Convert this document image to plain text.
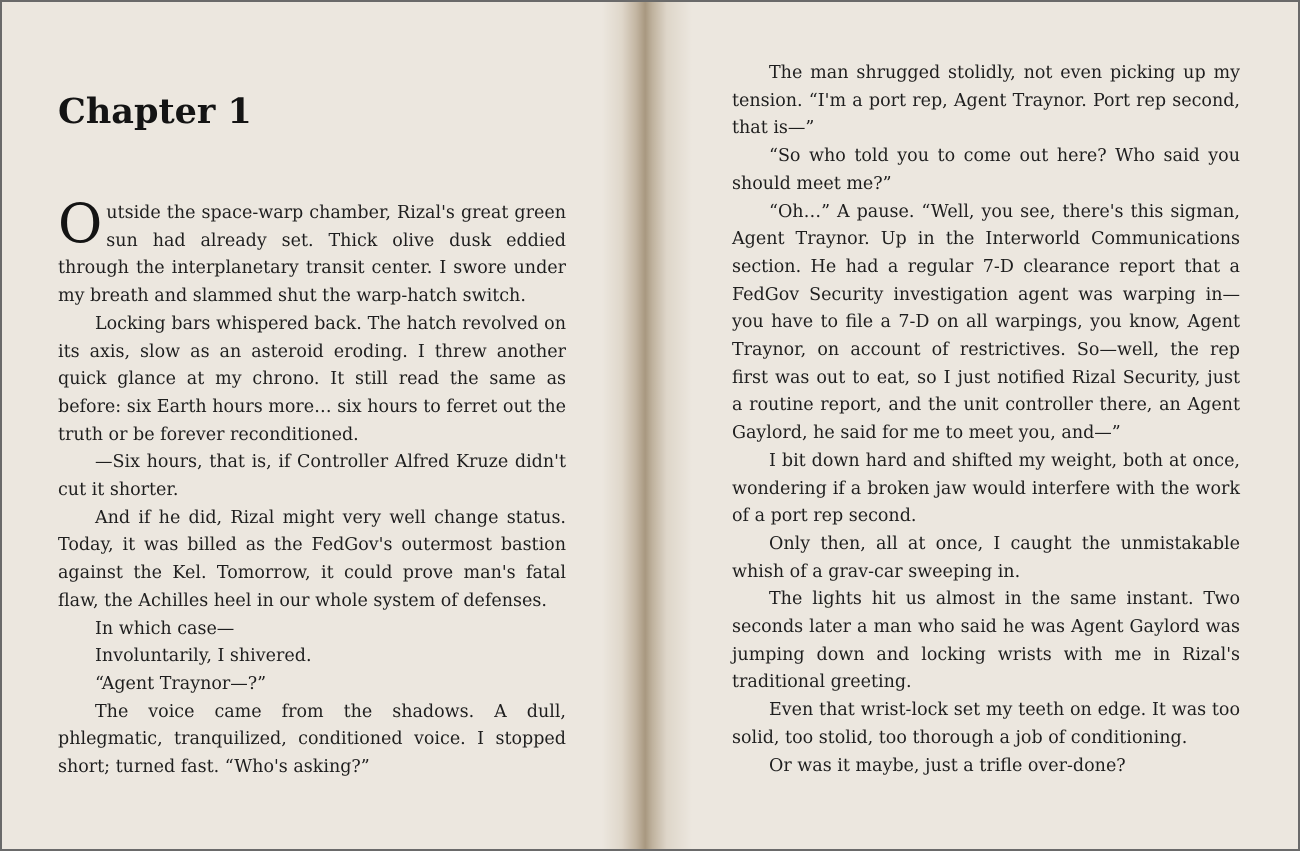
Chapter 1

Outside the space-warp chamber, Rizal's great green sun had already set. Thick olive dusk eddied through the interplanetary transit center. I swore under my breath and slammed shut the warp-hatch switch.

Locking bars whispered back. The hatch revolved on its axis, slow as an asteroid eroding. I threw another quick glance at my chrono. It still read the same as before: six Earth hours more… six hours to ferret out the truth or be forever reconditioned.

—Six hours, that is, if Controller Alfred Kruze didn't cut it shorter.

And if he did, Rizal might very well change status. Today, it was billed as the FedGov's outermost bastion against the Kel. Tomorrow, it could prove man's fatal flaw, the Achilles heel in our whole system of defenses.

In which case—

Involuntarily, I shivered.

“Agent Traynor—?”

The voice came from the shadows. A dull, phlegmatic, tranquilized, conditioned voice. I stopped short; turned fast. “Who's asking?”

The man shrugged stolidly, not even picking up my tension. “I'm a port rep, Agent Traynor. Port rep second, that is—”

“So who told you to come out here? Who said you should meet me?”

“Oh…” A pause. “Well, you see, there's this sigman, Agent Traynor. Up in the Interworld Communications section. He had a regular 7-D clearance report that a FedGov Security investigation agent was warping in—you have to file a 7-D on all warpings, you know, Agent Traynor, on account of restrictives. So—well, the rep first was out to eat, so I just notified Rizal Security, just a routine report, and the unit controller there, an Agent Gaylord, he said for me to meet you, and—”

I bit down hard and shifted my weight, both at once, wondering if a broken jaw would interfere with the work of a port rep second.

Only then, all at once, I caught the unmistakable whish of a grav-car sweeping in.

The lights hit us almost in the same instant. Two seconds later a man who said he was Agent Gaylord was jumping down and locking wrists with me in Rizal's traditional greeting.

Even that wrist-lock set my teeth on edge. It was too solid, too stolid, too thorough a job of conditioning.

Or was it maybe, just a trifle over-done?
